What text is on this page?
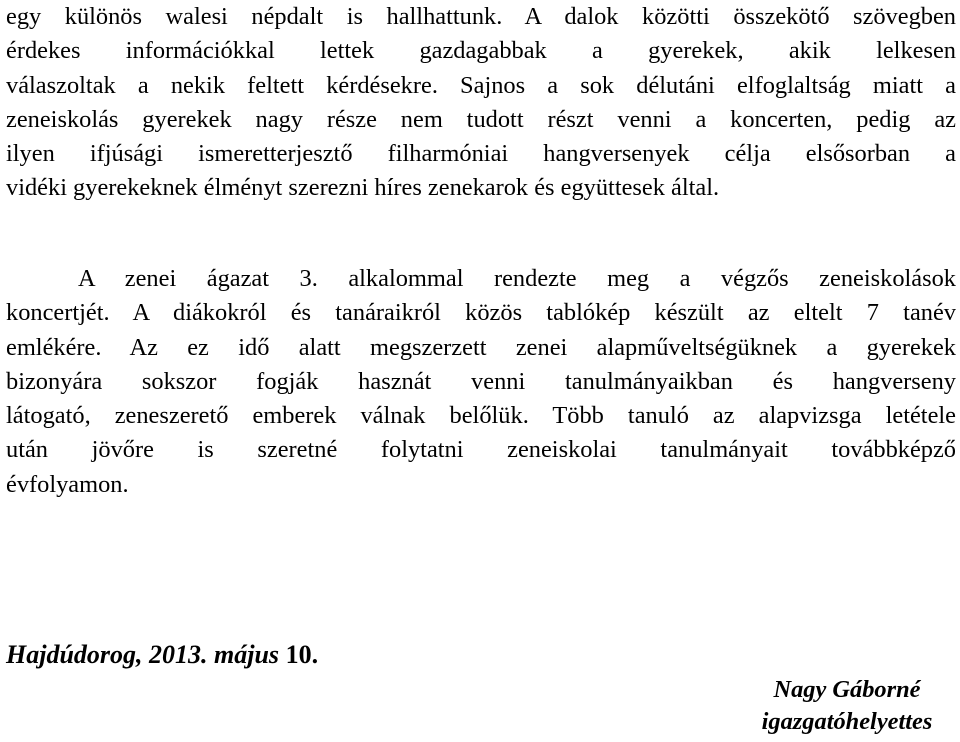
egy különös walesi népdalt is hallhattunk. A dalok közötti összekötő szövegben
érdekes információkkal lettek gazdagabbak a gyerekek, akik lelkesen
válaszoltak a nekik feltett kérdésekre. Sajnos a sok délutáni elfoglaltság miatt a
zeneiskolás gyerekek nagy része nem tudott részt venni a koncerten, pedig az
ilyen ifjúsági ismeretterjesztő filharmóniai hangversenyek célja elsősorban a
vidéki gyerekeknek élményt szerezni híres zenekarok és együttesek által.
A zenei ágazat 3. alkalommal rendezte meg a végzős zeneiskolások
koncertjét. A diákokról és tanáraikról közös tablókép készült az eltelt 7 tanév
emlékére. Az ez idő alatt megszerzett zenei alapműveltségüknek a gyerekek
bizonyára sokszor fogják hasznát venni tanulmányaikban és hangverseny
látogató, zeneszerető emberek válnak belőlük. Több tanuló az alapvizsga letétele
után jövőre is szeretné folytatni zeneiskolai tanulmányait továbbképző
évfolyamon.
Hajdúdorog, 2013. május 10.
Nagy Gáborné
igazgatóhelyettes
